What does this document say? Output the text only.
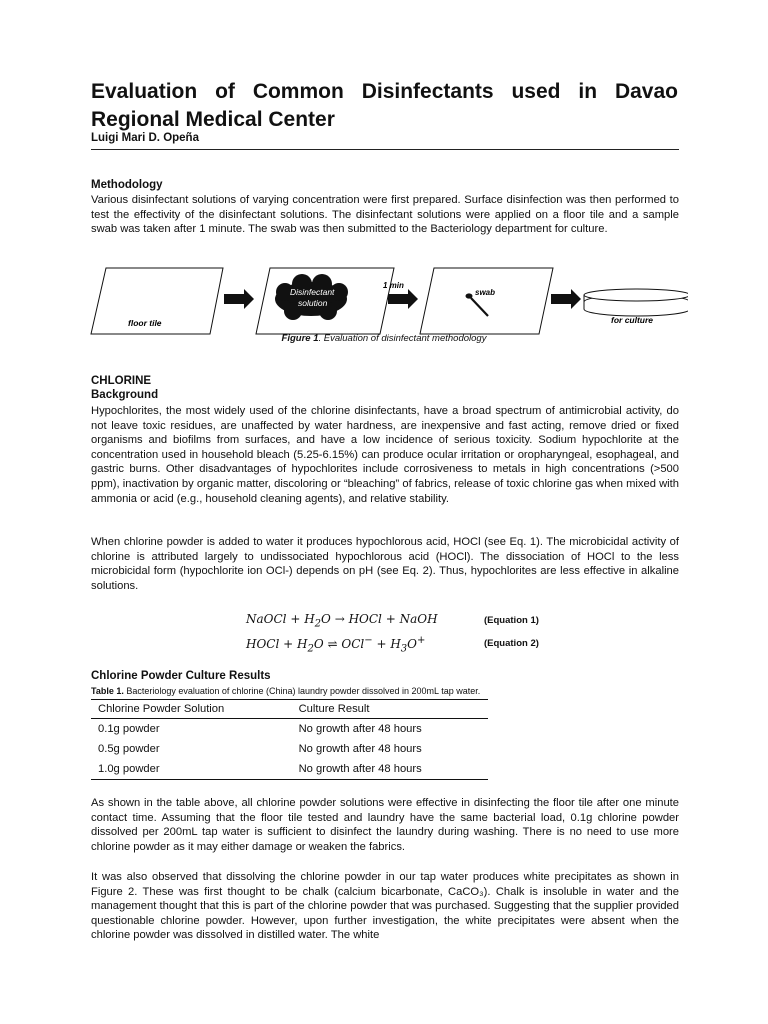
Evaluation of Common Disinfectants used in Davao
Regional Medical Center
Luigi Mari D. Opeña
Methodology
Various disinfectant solutions of varying concentration were first prepared. Surface disinfection was then performed to test the effectivity of the disinfectant solutions. The disinfectant solutions were applied on a floor tile and a sample swab was taken after 1 minute. The swab was then submitted to the Bacteriology department for culture.
floor tile
Disinfectant
solution
1 min
swab
for culture
Figure 1. Evaluation of disinfectant methodology
CHLORINE
Background
Hypochlorites, the most widely used of the chlorine disinfectants, have a broad spectrum of antimicrobial activity, do not leave toxic residues, are unaffected by water hardness, are inexpensive and fast acting, remove dried or fixed organisms and biofilms from surfaces, and have a low incidence of serious toxicity. Sodium hypochlorite at the concentration used in household bleach (5.25-6.15%) can produce ocular irritation or oropharyngeal, esophageal, and gastric burns. Other disadvantages of hypochlorites include corrosiveness to metals in high concentrations (>500 ppm), inactivation by organic matter, discoloring or “bleaching” of fabrics, release of toxic chlorine gas when mixed with ammonia or acid (e.g., household cleaning agents), and relative stability.
When chlorine powder is added to water it produces hypochlorous acid, HOCl (see Eq. 1). The microbicidal activity of chlorine is attributed largely to undissociated hypochlorous acid (HOCl). The dissociation of HOCl to the less microbicidal form (hypochlorite ion OCl-) depends on pH (see Eq. 2). Thus, hypochlorites are less effective in alkaline solutions.
NaOCl + $H_2O$ → HOCl + NaOH	(Equation 1)
HOCl + $H_2O$ ⇌ $OCl^- + H_3O^+$	(Equation 2)
Chlorine Powder Culture Results
Table 1. Bacteriology evaluation of chlorine (China) laundry powder dissolved in 200mL tap water.
Chlorine Powder Solution	Culture Result
0.1g powder	No growth after 48 hours
0.5g powder	No growth after 48 hours
1.0g powder	No growth after 48 hours
As shown in the table above, all chlorine powder solutions were effective in disinfecting the floor tile after one minute contact time. Assuming that the floor tile tested and laundry have the same bacterial load, 0.1g chlorine powder dissolved per 200mL tap water is sufficient to disinfect the laundry during washing. There is no need to use more chlorine powder as it may either damage or weaken the fabrics.
It was also observed that dissolving the chlorine powder in our tap water produces white precipitates as shown in Figure 2. These was first thought to be chalk (calcium bicarbonate, CaCO₃). Chalk is insoluble in water and the management thought that this is part of the chlorine powder that was purchased. Suggesting that the supplier provided questionable chlorine powder. However, upon further investigation, the white precipitates were absent when the chlorine powder was dissolved in distilled water. The white
